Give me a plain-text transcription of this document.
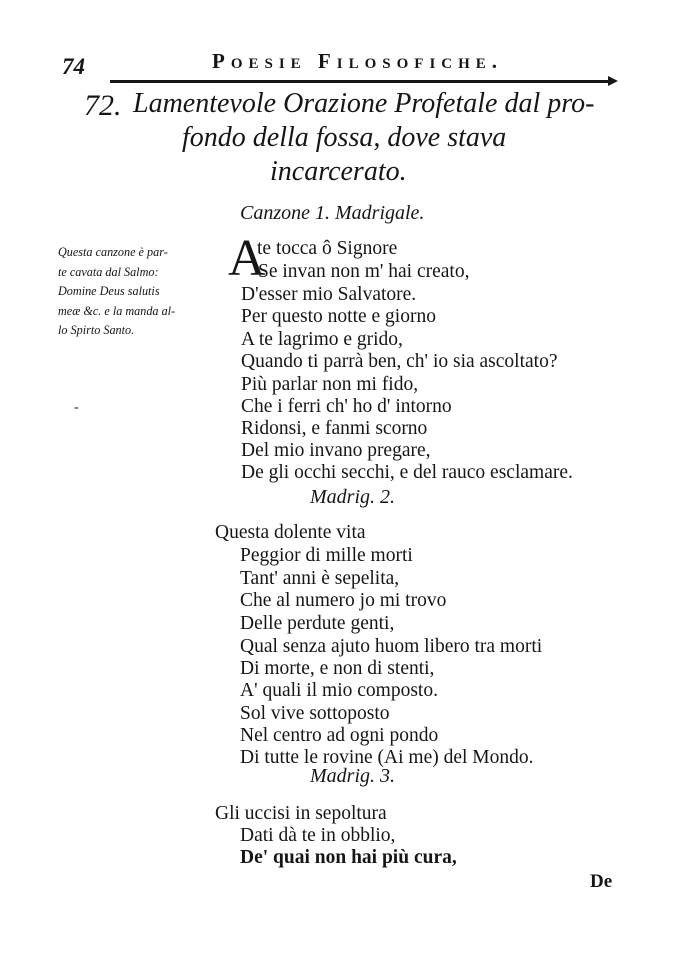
74	Poesie Filosofiche.
72. Lamentevole Orazione Profetale dal pro-
fondo della fossa, dove stava
incarcerato.
Canzone 1. Madrigale.
Questa canzone è par-
te cavata dal Salmo:
Domine Deus salutis
meæ &c. e la manda al-
lo Spirto Santo.
-
A
te tocca ô Signore
Se invan non m' hai creato,
D'esser mio Salvatore.
Per questo notte e giorno
A te lagrimo e grido,
Quando ti parrà ben, ch' io sia ascoltato?
Più parlar non mi fido,
Che i ferri ch' ho d' intorno
Ridonsi, e fanmi scorno
Del mio invano pregare,
De gli occhi secchi, e del rauco esclamare.
Madrig. 2.
Questa dolente vita
Peggior di mille morti
Tant' anni è sepelita,
Che al numero jo mi trovo
Delle perdute genti,
Qual senza ajuto huom libero tra morti
Di morte, e non di stenti,
A' quali il mio composto.
Sol vive sottoposto
Nel centro ad ogni pondo
Di tutte le rovine (Ai me) del Mondo.
Madrig. 3.
Gli uccisi in sepoltura
Dati dà te in obblio,
De' quai non hai più cura,
De
